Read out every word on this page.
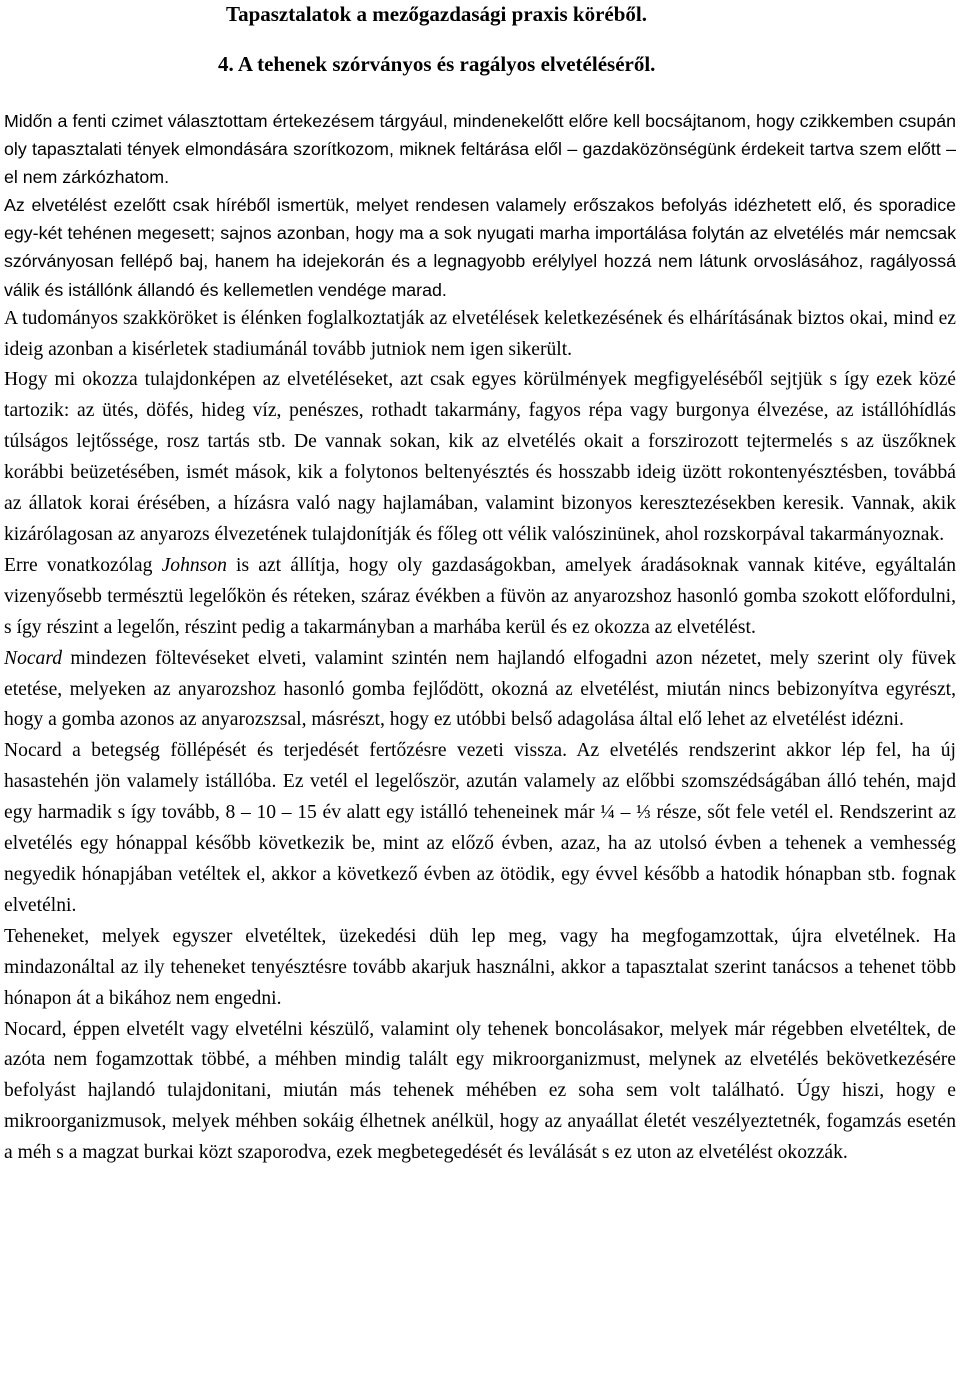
Tapasztalatok a mezőgazdasági praxis köréből.
4. A tehenek szórványos és ragályos elvetéléséről.

Midőn a fenti czimet választottam értekezésem tárgyául, mindenekelőtt előre kell bocsájtanom, hogy czikkemben csupán oly tapasztalati tények elmondására szorítkozom, miknek feltárása elől – gazdaközönségünk érdekeit tartva szem előtt – el nem zárkózhatom.

Az elvetélést ezelőtt csak híréből ismertük, melyet rendesen valamely erőszakos befolyás idézhetett elő, és sporadice egy-két tehénen megesett; sajnos azonban, hogy ma a sok nyugati marha importálása folytán az elvetélés már nemcsak szórványosan fellépő baj, hanem ha idejekorán és a legnagyobb erélylyel hozzá nem látunk orvoslásához, ragályossá válik és istállónk állandó és kellemetlen vendége marad.

A tudományos szakköröket is élénken foglalkoztatják az elvetélések keletkezésének és elhárításának biztos okai, mind ez ideig azonban a kisérletek stadiumánál tovább jutniok nem igen sikerült.

Hogy mi okozza tulajdonképen az elvetéléseket, azt csak egyes körülmények megfigyeléséből sejtjük s így ezek közé tartozik: az ütés, döfés, hideg víz, penészes, rothadt takarmány, fagyos répa vagy burgonya élvezése, az istállóhídlás túlságos lejtőssége, rosz tartás stb. De vannak sokan, kik az elvetélés okait a forszirozott tejtermelés s az üszőknek korábbi beüzetésében, ismét mások, kik a folytonos beltenyésztés és hosszabb ideig üzött rokontenyésztésben, továbbá az állatok korai érésében, a hízásra való nagy hajlamában, valamint bizonyos keresztezésekben keresik. Vannak, akik kizárólagosan az anyarozs élvezetének tulajdonítják és főleg ott vélik valószinünek, ahol rozskorpával takarmányoznak.

Erre vonatkozólag Johnson is azt állítja, hogy oly gazdaságokban, amelyek áradásoknak vannak kitéve, egyáltalán vizenyősebb természtü legelőkön és réteken, száraz évékben a füvön az anyarozshoz hasonló gomba szokott előfordulni, s így részint a legelőn, részint pedig a takarmányban a marhába kerül és ez okozza az elvetélést.

Nocard mindezen föltevéseket elveti, valamint szintén nem hajlandó elfogadni azon nézetet, mely szerint oly füvek etetése, melyeken az anyarozshoz hasonló gomba fejlődött, okozná az elvetélést, miután nincs bebizonyítva egyrészt, hogy a gomba azonos az anyarozszsal, másrészt, hogy ez utóbbi belső adagolása által elő lehet az elvetélést idézni.

Nocard a betegség föllépését és terjedését fertőzésre vezeti vissza. Az elvetélés rendszerint akkor lép fel, ha új hasastehén jön valamely istállóba. Ez vetél el legelőször, azután valamely az előbbi szomszédságában álló tehén, majd egy harmadik s így tovább, 8 – 10 – 15 év alatt egy istálló teheneinek már ¼ – ⅓ része, sőt fele vetél el. Rendszerint az elvetélés egy hónappal később következik be, mint az előző évben, azaz, ha az utolsó évben a tehenek a vemhesség negyedik hónapjában vetéltek el, akkor a következő évben az ötödik, egy évvel később a hatodik hónapban stb. fognak elvetélni.

Teheneket, melyek egyszer elvetéltek, üzekedési düh lep meg, vagy ha megfogamzottak, újra elvetélnek. Ha mindazonáltal az ily teheneket tenyésztésre tovább akarjuk használni, akkor a tapasztalat szerint tanácsos a tehenet több hónapon át a bikához nem engedni.

Nocard, éppen elvetélt vagy elvetélni készülő, valamint oly tehenek boncolásakor, melyek már régebben elvetéltek, de azóta nem fogamzottak többé, a méhben mindig talált egy mikroorganizmust, melynek az elvetélés bekövetkezésére befolyást hajlandó tulajdonitani, miután más tehenek méhében ez soha sem volt található. Úgy hiszi, hogy e mikroorganizmusok, melyek méhben sokáig élhetnek anélkül, hogy az anyaállat életét veszélyeztetnék, fogamzás esetén a méh s a magzat burkai közt szaporodva, ezek megbetegedését és leválását s ez uton az elvetélést okozzák.
